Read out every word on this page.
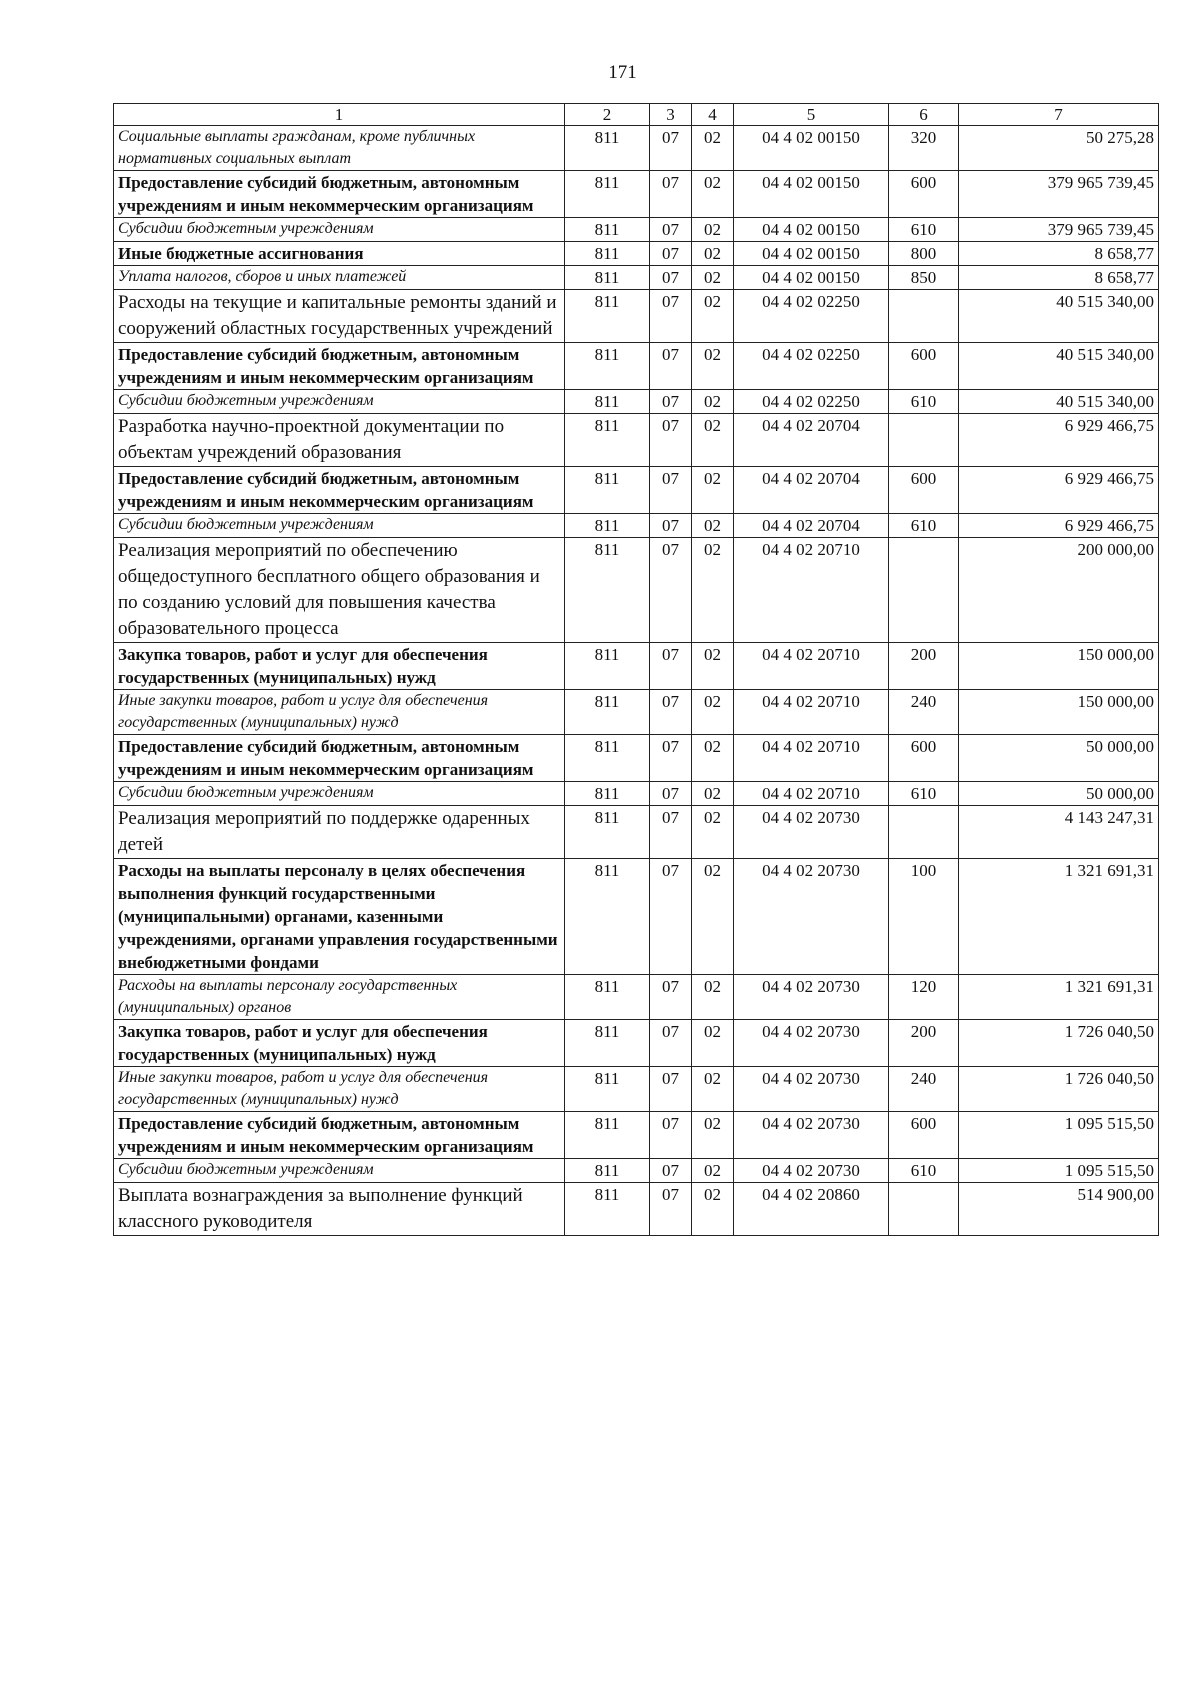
171
1	2	3	4	5	6	7
Социальные выплаты гражданам, кроме публичных нормативных социальных выплат	811	07	02	04 4 02 00150	320	50 275,28
Предоставление субсидий бюджетным, автономным учреждениям и иным некоммерческим организациям	811	07	02	04 4 02 00150	600	379 965 739,45
Субсидии бюджетным учреждениям	811	07	02	04 4 02 00150	610	379 965 739,45
Иные бюджетные ассигнования	811	07	02	04 4 02 00150	800	8 658,77
Уплата налогов, сборов и иных платежей	811	07	02	04 4 02 00150	850	8 658,77
Расходы на текущие и капитальные ремонты зданий и сооружений областных государственных учреждений	811	07	02	04 4 02 02250		40 515 340,00
Предоставление субсидий бюджетным, автономным учреждениям и иным некоммерческим организациям	811	07	02	04 4 02 02250	600	40 515 340,00
Субсидии бюджетным учреждениям	811	07	02	04 4 02 02250	610	40 515 340,00
Разработка научно-проектной документации по объектам учреждений образования	811	07	02	04 4 02 20704		6 929 466,75
Предоставление субсидий бюджетным, автономным учреждениям и иным некоммерческим организациям	811	07	02	04 4 02 20704	600	6 929 466,75
Субсидии бюджетным учреждениям	811	07	02	04 4 02 20704	610	6 929 466,75
Реализация мероприятий по обеспечению общедоступного бесплатного общего образования и по созданию условий для повышения качества образовательного процесса	811	07	02	04 4 02 20710		200 000,00
Закупка товаров, работ и услуг для обеспечения государственных (муниципальных) нужд	811	07	02	04 4 02 20710	200	150 000,00
Иные закупки товаров, работ и услуг для обеспечения государственных (муниципальных) нужд	811	07	02	04 4 02 20710	240	150 000,00
Предоставление субсидий бюджетным, автономным учреждениям и иным некоммерческим организациям	811	07	02	04 4 02 20710	600	50 000,00
Субсидии бюджетным учреждениям	811	07	02	04 4 02 20710	610	50 000,00
Реализация мероприятий по поддержке одаренных детей	811	07	02	04 4 02 20730		4 143 247,31
Расходы на выплаты персоналу в целях обеспечения выполнения функций государственными (муниципальными) органами, казенными учреждениями, органами управления государственными внебюджетными фондами	811	07	02	04 4 02 20730	100	1 321 691,31
Расходы на выплаты персоналу государственных (муниципальных) органов	811	07	02	04 4 02 20730	120	1 321 691,31
Закупка товаров, работ и услуг для обеспечения государственных (муниципальных) нужд	811	07	02	04 4 02 20730	200	1 726 040,50
Иные закупки товаров, работ и услуг для обеспечения государственных (муниципальных) нужд	811	07	02	04 4 02 20730	240	1 726 040,50
Предоставление субсидий бюджетным, автономным учреждениям и иным некоммерческим организациям	811	07	02	04 4 02 20730	600	1 095 515,50
Субсидии бюджетным учреждениям	811	07	02	04 4 02 20730	610	1 095 515,50
Выплата вознаграждения за выполнение функций классного руководителя	811	07	02	04 4 02 20860		514 900,00
